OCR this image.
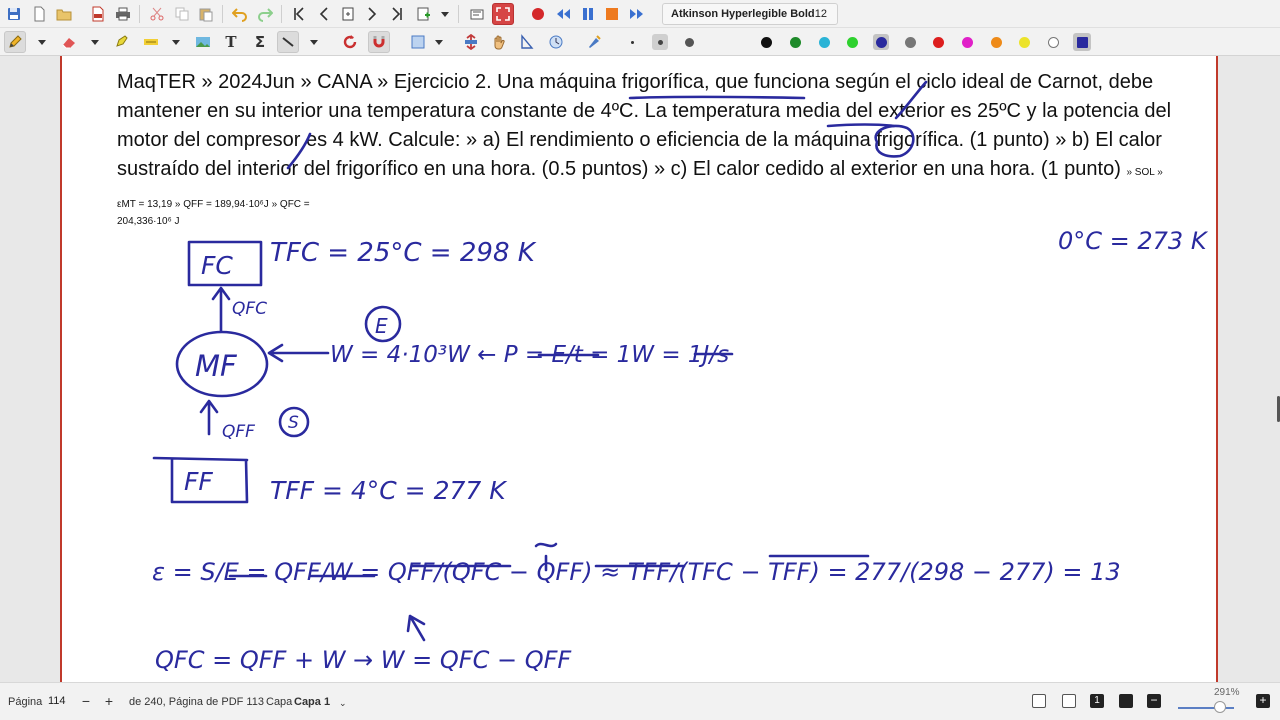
Atkinson Hyperlegible Bold 12
T Σ
MaqTER » 2024Jun » CANA » Ejercicio 2. Una máquina frigorífica, que funciona según el ciclo ideal de Carnot, debe mantener en su interior una temperatura constante de 4ºC. La temperatura media del exterior es 25ºC y la potencia del motor del compresor es 4 kW. Calcule: » a) El rendimiento o eficiencia de la máquina frigorífica. (1 punto) » b) El calor sustraído del interior del frigorífico en una hora. (0.5 puntos) » c) El calor cedido al exterior en una hora. (1 punto) » SOL » εMT = 13,19 » QFF = 189,94·10⁶J » QFC =
204,336·10⁶ J
FC TFC = 25°C = 298 K	0°C = 273 K
QFC
MF
E
W = 4·10³W ← P = E/t = 1W = 1J/s
QFF S
FF TFF = 4°C = 277 K
ε = S/E = QFF/W = QFF/(QFC − QFF) ≈ TFF/(TFC − TFF) = 277/(298 − 277) = 13
QFC = QFF + W → W = QFC − QFF
Página
114	−	+	de 240, Página de PDF 113 Capa Capa 1 ⌄	1	−
291%
+
